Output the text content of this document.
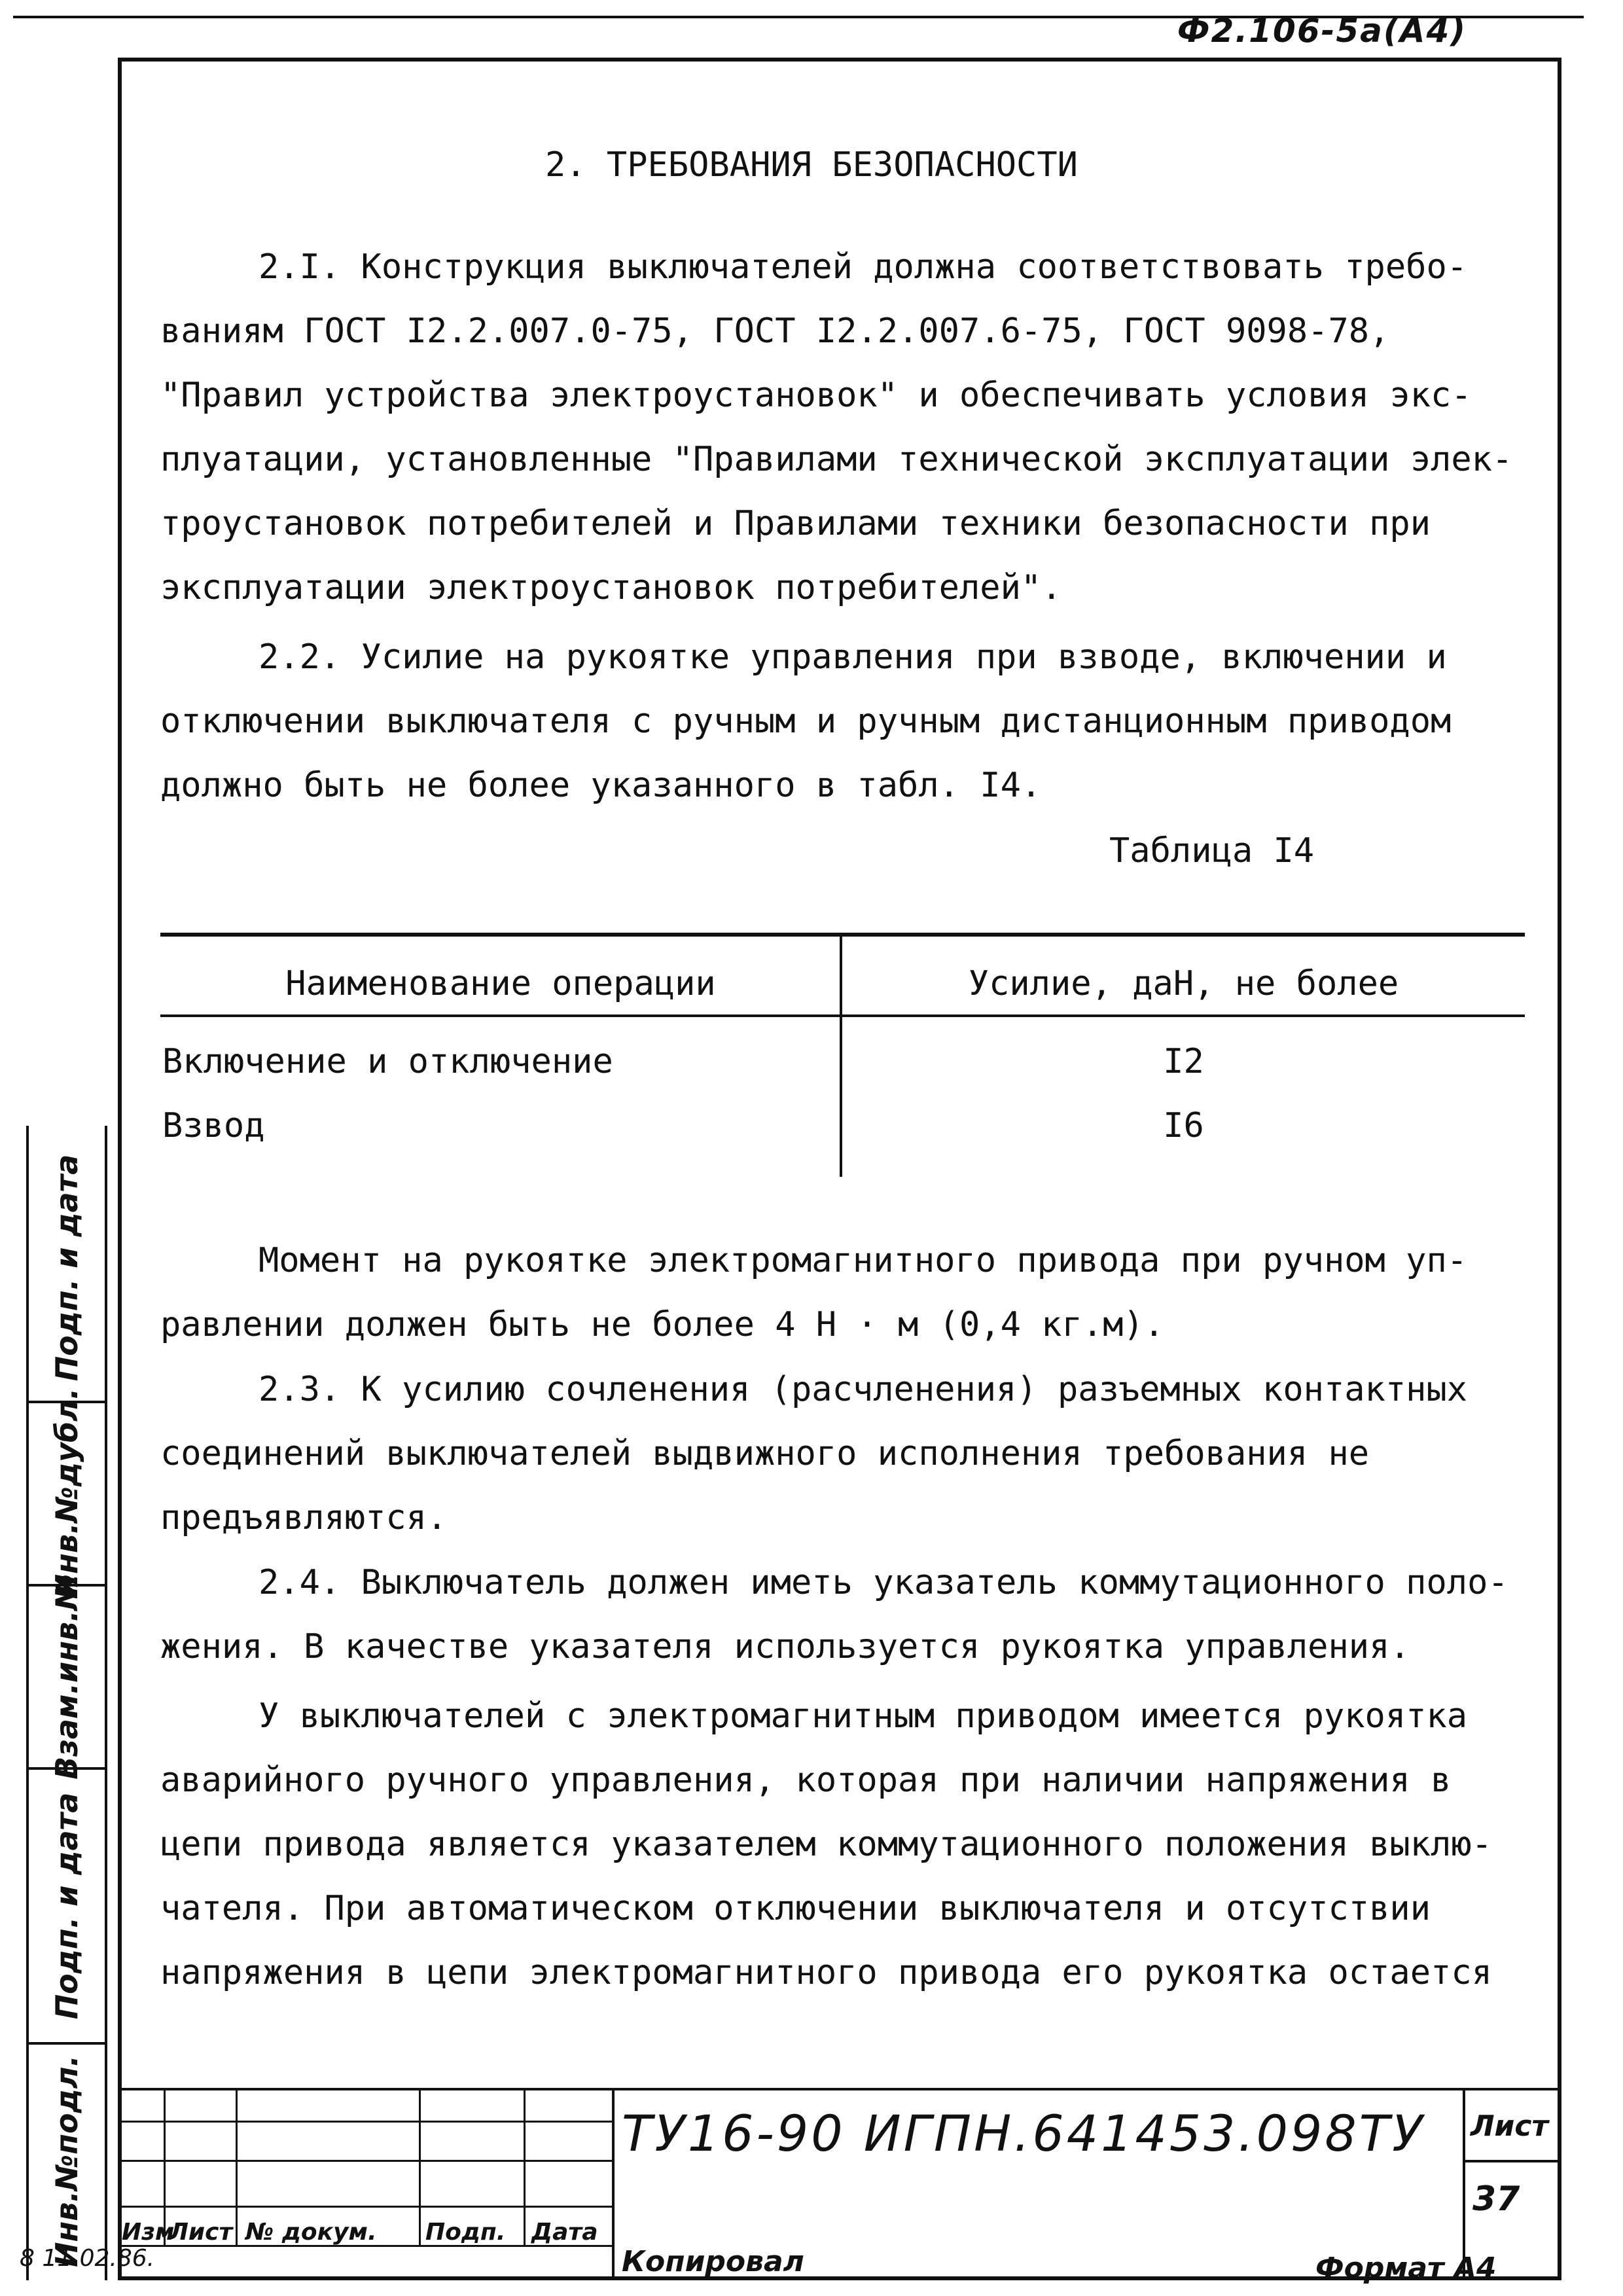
Ф2.106-5а(А4)
2. ТРЕБОВАНИЯ БЕЗОПАСНОСТИ
2.I. Конструкция выключателей должна соответствовать требо-
ваниям ГОСТ I2.2.007.0-75, ГОСТ I2.2.007.6-75, ГОСТ 9098-78,
"Правил устройства электроустановок" и обеспечивать условия экс-
плуатации, установленные "Правилами технической эксплуатации элек-
троустановок потребителей и Правилами техники безопасности при
эксплуатации электроустановок потребителей".
2.2. Усилие на рукоятке управления при взводе, включении и
отключении выключателя с ручным и ручным дистанционным приводом
должно быть не более указанного в табл. I4.
Таблица I4
Наименование операции	Усилие, даН, не более
Включение и отключение	I2
Взвод	I6
Момент на рукоятке электромагнитного привода при ручном уп-
равлении должен быть не более 4 Н · м (0,4 кг.м).
2.3. К усилию сочленения (расчленения) разъемных контактных
соединений выключателей выдвижного исполнения требования не
предъявляются.
2.4. Выключатель должен иметь указатель коммутационного поло-
жения. В качестве указателя используется рукоятка управления.
У выключателей с электромагнитным приводом имеется рукоятка
аварийного ручного управления, которая при наличии напряжения в
цепи привода является указателем коммутационного положения выклю-
чателя. При автоматическом отключении выключателя и отсутствии
напряжения в цепи электромагнитного привода его рукоятка остается
Подп. и дата
Инв.№дубл.
Взам.инв.№
Подп. и дата
Инв.№подл. Изм
Лист № докум. Подп. Дата
ТУ16-90 ИГПН.641453.098ТУ Лист
37
Копировал	Формат А4
8 11.02.86.
